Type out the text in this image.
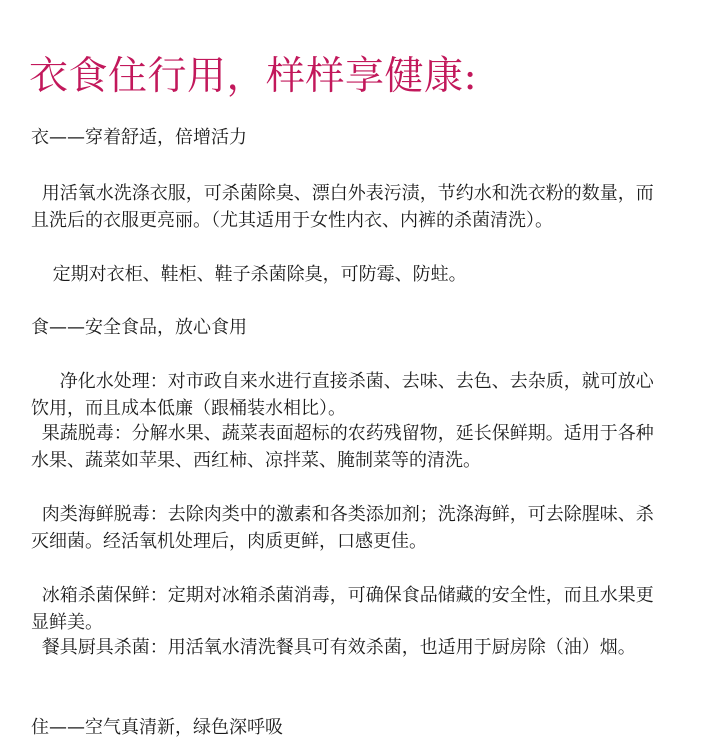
衣食住行用，样样享健康:

衣——穿着舒适，倍增活力

用活氧水洗涤衣服，可杀菌除臭、漂白外表污渍，节约水和洗衣粉的数量，而且洗后的衣服更亮丽。（尤其适用于女性内衣、内裤的杀菌清洗）。

定期对衣柜、鞋柜、鞋子杀菌除臭，可防霉、防蛀。

食——安全食品，放心食用

净化水处理：对市政自来水进行直接杀菌、去味、去色、去杂质，就可放心饮用，而且成本低廉（跟桶装水相比）。

果蔬脱毒：分解水果、蔬菜表面超标的农药残留物，延长保鲜期。适用于各种水果、蔬菜如苹果、西红柿、凉拌菜、腌制菜等的清洗。

肉类海鲜脱毒：去除肉类中的激素和各类添加剂；洗涤海鲜，可去除腥味、杀灭细菌。经活氧机处理后，肉质更鲜，口感更佳。

冰箱杀菌保鲜：定期对冰箱杀菌消毒，可确保食品储藏的安全性，而且水果更显鲜美。

餐具厨具杀菌：用活氧水清洗餐具可有效杀菌，也适用于厨房除（油）烟。

住——空气真清新，绿色深呼吸
